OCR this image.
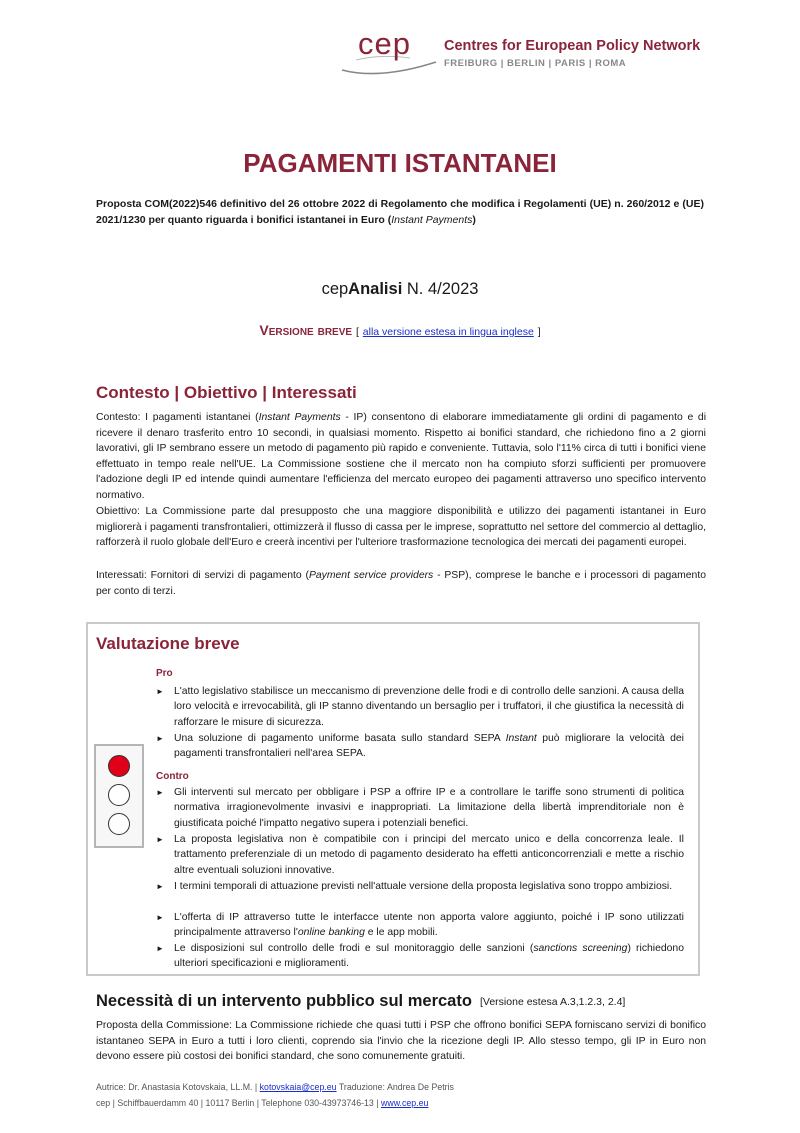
cep Centres for European Policy Network
FREIBURG | BERLIN | PARIS | ROMA
PAGAMENTI ISTANTANEI
Proposta COM(2022)546 definitivo del 26 ottobre 2022 di Regolamento che modifica i Regolamenti (UE) n. 260/2012 e (UE) 2021/1230 per quanto riguarda i bonifici istantanei in Euro (Instant Payments)
cepAnalisi N. 4/2023
Versione breve [ alla versione estesa in lingua inglese ]
Contesto | Obiettivo | Interessati
Contesto: I pagamenti istantanei (Instant Payments - IP) consentono di elaborare immediatamente gli ordini di pagamento e di ricevere il denaro trasferito entro 10 secondi, in qualsiasi momento. Rispetto ai bonifici standard, che richiedono fino a 2 giorni lavorativi, gli IP sembrano essere un metodo di pagamento più rapido e conveniente. Tuttavia, solo l'11% circa di tutti i bonifici viene effettuato in tempo reale nell'UE. La Commissione sostiene che il mercato non ha compiuto sforzi sufficienti per promuovere l'adozione degli IP ed intende quindi aumentare l'efficienza del mercato europeo dei pagamenti attraverso uno specifico intervento normativo.
Obiettivo: La Commissione parte dal presupposto che una maggiore disponibilità e utilizzo dei pagamenti istantanei in Euro migliorerà i pagamenti transfrontalieri, ottimizzerà il flusso di cassa per le imprese, soprattutto nel settore del commercio al dettaglio, rafforzerà il ruolo globale dell'Euro e creerà incentivi per l'ulteriore trasformazione tecnologica dei mercati dei pagamenti europei.
Interessati: Fornitori di servizi di pagamento (Payment service providers - PSP), comprese le banche e i processori di pagamento per conto di terzi.
Valutazione breve
Pro
► L'atto legislativo stabilisce un meccanismo di prevenzione delle frodi e di controllo delle sanzioni. A causa della loro velocità e irrevocabilità, gli IP stanno diventando un bersaglio per i truffatori, il che giustifica la necessità di rafforzare le misure di sicurezza.
► Una soluzione di pagamento uniforme basata sullo standard SEPA Instant può migliorare la velocità dei pagamenti transfrontalieri nell'area SEPA.
Contro
► Gli interventi sul mercato per obbligare i PSP a offrire IP e a controllare le tariffe sono strumenti di politica normativa irragionevolmente invasivi e inappropriati. La limitazione della libertà imprenditoriale non è giustificata poiché l'impatto negativo supera i potenziali benefici.
► La proposta legislativa non è compatibile con i principi del mercato unico e della concorrenza leale. Il trattamento preferenziale di un metodo di pagamento desiderato ha effetti anticoncorrenziali e mette a rischio altre eventuali soluzioni innovative.
► I termini temporali di attuazione previsti nell'attuale versione della proposta legislativa sono troppo ambiziosi.
► L'offerta di IP attraverso tutte le interfacce utente non apporta valore aggiunto, poiché i IP sono utilizzati principalmente attraverso l'online banking e le app mobili.
► Le disposizioni sul controllo delle frodi e sul monitoraggio delle sanzioni (sanctions screening) richiedono ulteriori specificazioni e miglioramenti.
Necessità di un intervento pubblico sul mercato [Versione estesa A.3,1.2.3, 2.4]
Proposta della Commissione: La Commissione richiede che quasi tutti i PSP che offrono bonifici SEPA forniscano servizi di bonifico istantaneo SEPA in Euro a tutti i loro clienti, coprendo sia l'invio che la ricezione degli IP. Allo stesso tempo, gli IP in Euro non devono essere più costosi dei bonifici standard, che sono comunemente gratuiti.
Autrice: Dr. Anastasia Kotovskaia, LL.M. | kotovskaia@cep.eu Traduzione: Andrea De Petris
cep | Schiffbauerdamm 40 | 10117 Berlin | Telephone 030-43973746-13 | www.cep.eu
